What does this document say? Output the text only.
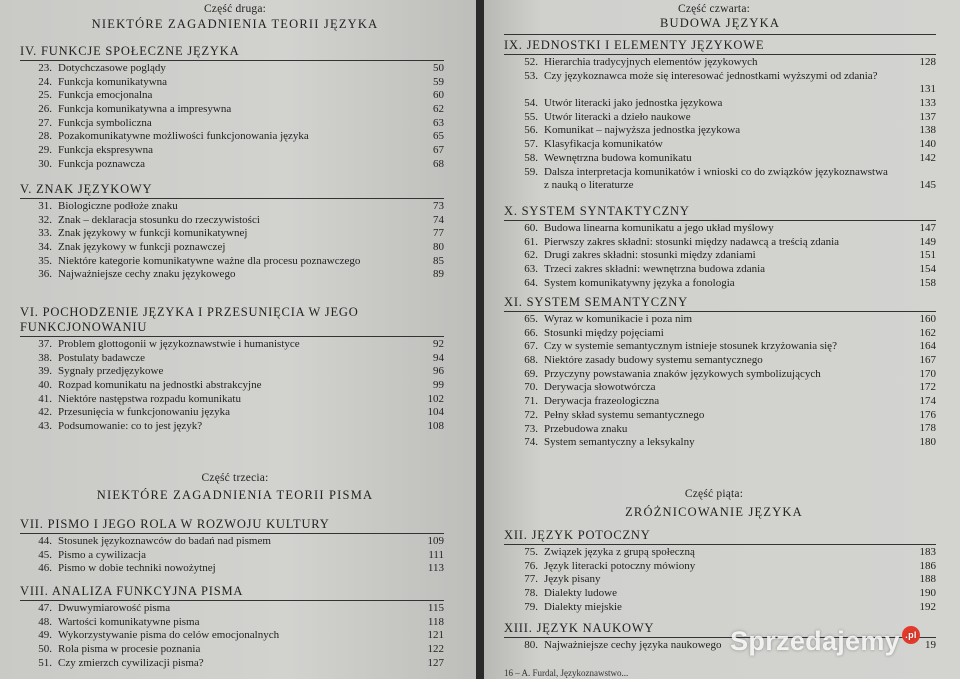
Część druga:
NIEKTÓRE ZAGADNIENIA TEORII JĘZYKA
IV. FUNKCJE SPOŁECZNE JĘZYKA
23. Dotychczasowe poglądy	50
24. Funkcja komunikatywna	59
25. Funkcja emocjonalna	60
26. Funkcja komunikatywna a impresywna	62
27. Funkcja symboliczna	63
28. Pozakomunikatywne możliwości funkcjonowania języka	65
29. Funkcja ekspresywna	67
30. Funkcja poznawcza	68
V. ZNAK JĘZYKOWY
31. Biologiczne podłoże znaku	73
32. Znak – deklaracja stosunku do rzeczywistości	74
33. Znak językowy w funkcji komunikatywnej	77
34. Znak językowy w funkcji poznawczej	80
35. Niektóre kategorie komunikatywne ważne dla procesu poznawczego	85
36. Najważniejsze cechy znaku językowego	89
VI. POCHODZENIE JĘZYKA I PRZESUNIĘCIA W JEGO FUNKCJONOWANIU
37. Problem glottogonii w językoznawstwie i humanistyce	92
38. Postulaty badawcze	94
39. Sygnały przedjęzykowe	96
40. Rozpad komunikatu na jednostki abstrakcyjne	99
41. Niektóre następstwa rozpadu komunikatu	102
42. Przesunięcia w funkcjonowaniu języka	104
43. Podsumowanie: co to jest język?	108
Część trzecia:
NIEKTÓRE ZAGADNIENIA TEORII PISMA
VII. PISMO I JEGO ROLA W ROZWOJU KULTURY
44. Stosunek językoznawców do badań nad pismem	109
45. Pismo a cywilizacja	111
46. Pismo w dobie techniki nowożytnej	113
VIII. ANALIZA FUNKCYJNA PISMA
47. Dwuwymiarowość pisma	115
48. Wartości komunikatywne pisma	118
49. Wykorzystywanie pisma do celów emocjonalnych	121
50. Rola pisma w procesie poznania	122
51. Czy zmierzch cywilizacji pisma?	127
Część czwarta:
BUDOWA JĘZYKA
IX. JEDNOSTKI I ELEMENTY JĘZYKOWE
52. Hierarchia tradycyjnych elementów językowych	128
53. Czy językoznawca może się interesować jednostkami wyższymi od zdania?
131
54. Utwór literacki jako jednostka językowa	133
55. Utwór literacki a dzieło naukowe	137
56. Komunikat – najwyższa jednostka językowa	138
57. Klasyfikacja komunikatów	140
58. Wewnętrzna budowa komunikatu	142
59. Dalsza interpretacja komunikatów i wnioski co do związków językoznawstwa z nauką o literaturze	145
X. SYSTEM SYNTAKTYCZNY
60. Budowa linearna komunikatu a jego układ myślowy	147
61. Pierwszy zakres składni: stosunki między nadawcą a treścią zdania	149
62. Drugi zakres składni: stosunki między zdaniami	151
63. Trzeci zakres składni: wewnętrzna budowa zdania	154
64. System komunikatywny języka a fonologia	158
XI. SYSTEM SEMANTYCZNY
65. Wyraz w komunikacie i poza nim	160
66. Stosunki między pojęciami	162
67. Czy w systemie semantycznym istnieje stosunek krzyżowania się?	164
68. Niektóre zasady budowy systemu semantycznego	167
69. Przyczyny powstawania znaków językowych symbolizujących	170
70. Derywacja słowotwórcza	172
71. Derywacja frazeologiczna	174
72. Pełny skład systemu semantycznego	176
73. Przebudowa znaku	178
74. System semantyczny a leksykalny	180
Część piąta:
ZRÓŻNICOWANIE JĘZYKA
XII. JĘZYK POTOCZNY
75. Związek języka z grupą społeczną	183
76. Język literacki potoczny mówiony	186
77. Język pisany	188
78. Dialekty ludowe	190
79. Dialekty miejskie	192
XIII. JĘZYK NAUKOWY
80. Najważniejsze cechy języka naukowego	19
16 – A. Furdal, Językoznawstwo...
Sprzedajemy .pl
